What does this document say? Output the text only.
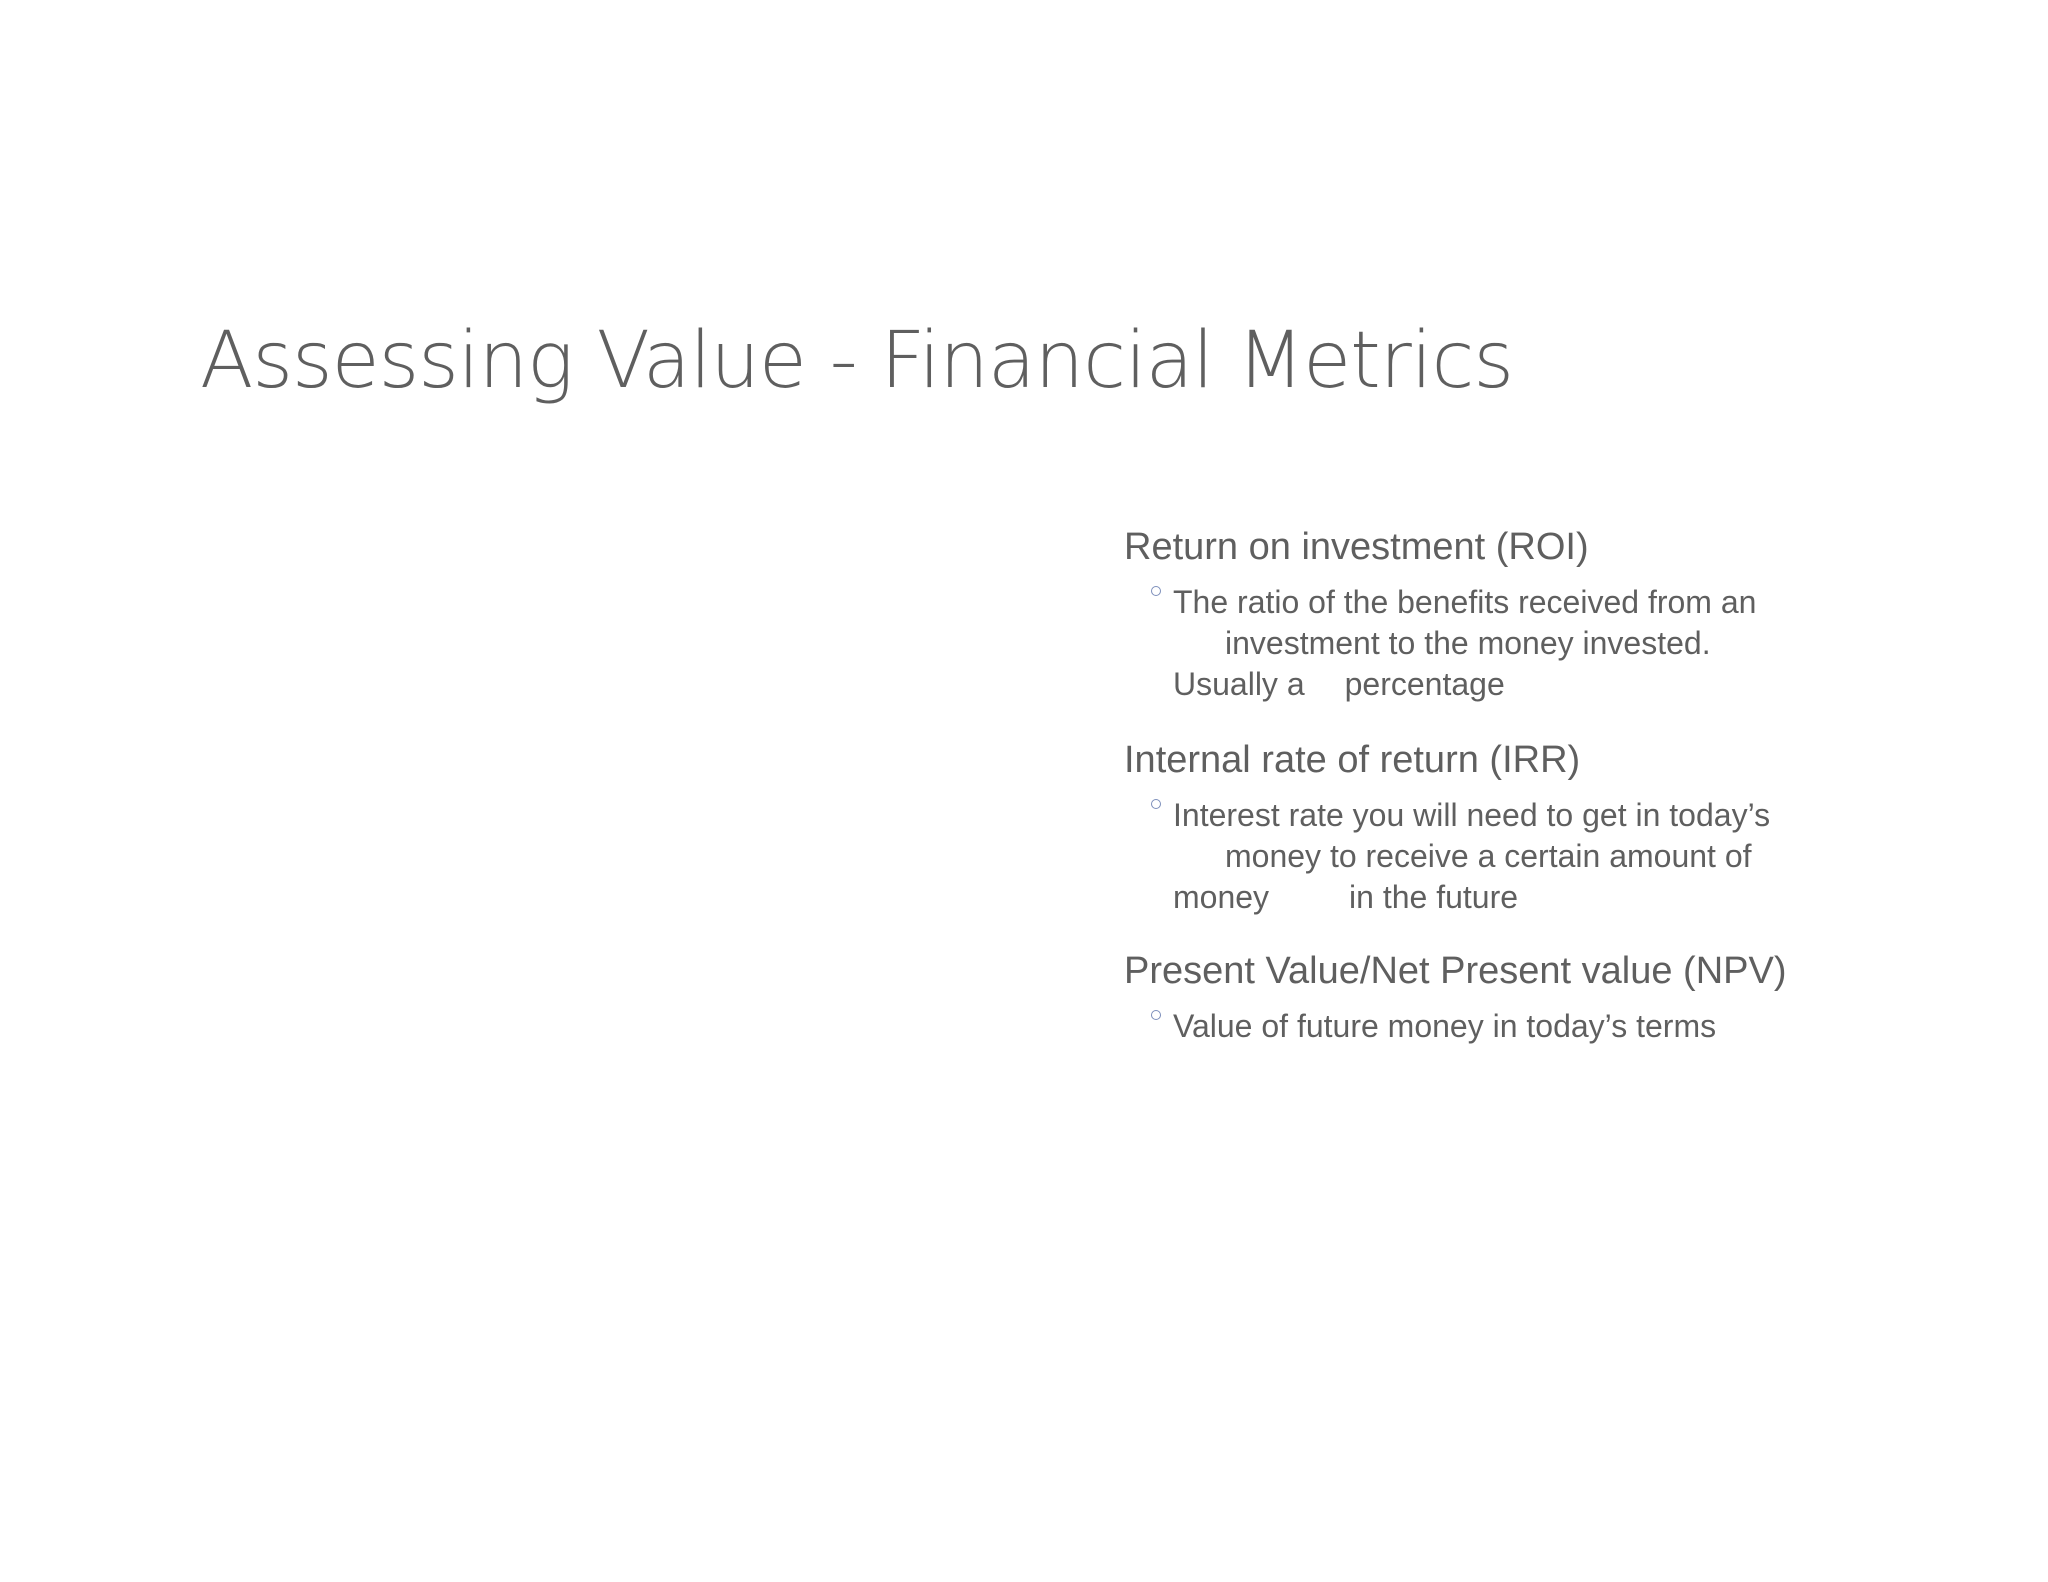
Assessing Value - Financial Metrics
Return on investment (ROI)
The ratio of the benefits received from an
investment to the money invested.
Usually a percentage
Internal rate of return (IRR)
Interest rate you will need to get in today’s
money to receive a certain amount of
money	in the future
Present Value/Net Present value (NPV)
Value of future money in today’s terms
